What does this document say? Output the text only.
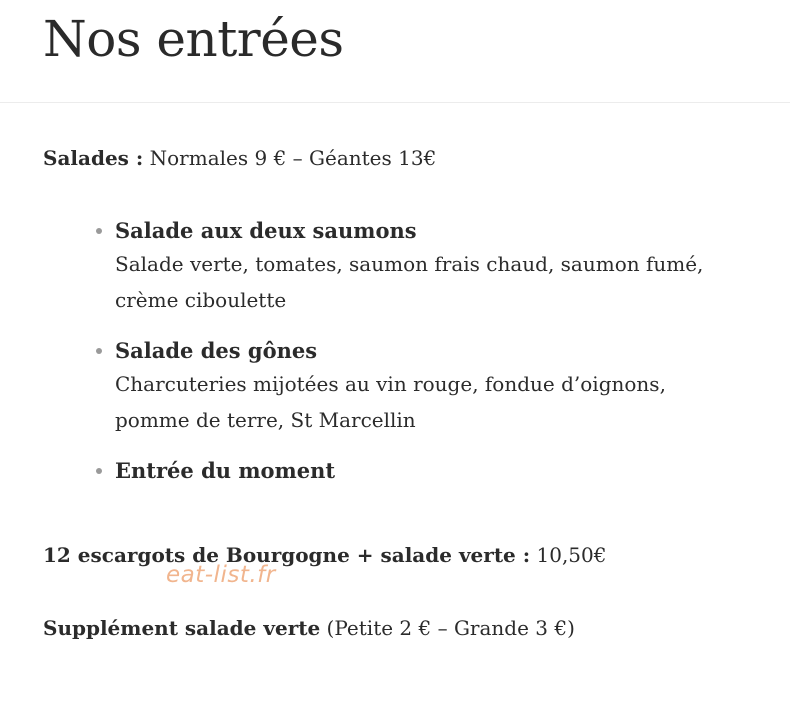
Nos entrées
Salades : Normales 9 € – Géantes 13€
Salade aux deux saumons
Salade verte, tomates, saumon frais chaud, saumon fumé, crème ciboulette
Salade des gônes
Charcuteries mijotées au vin rouge, fondue d’oignons, pomme de terre, St Marcellin
Entrée du moment
12 escargots de Bourgogne + salade verte : 10,50€
eat-list.fr
Supplément salade verte (Petite 2 € – Grande 3 €)
